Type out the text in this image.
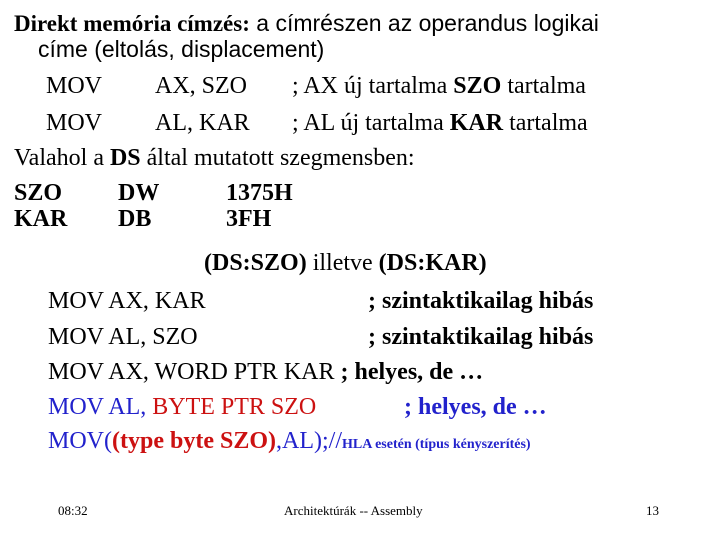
Direkt memória címzés: a címrészen az operandus logikai
címe (eltolás, displacement)
MOV AX, SZO ; AX új tartalma SZO tartalma
MOV AL, KAR ; AL új tartalma KAR tartalma
Valahol a DS által mutatott szegmensben:
SZO DW	1375H
KAR DB	3FH
(DS:SZO) illetve (DS:KAR)
MOV AX, KAR	; szintaktikailag hibás
MOV AL, SZO	; szintaktikailag hibás
MOV AX, WORD PTR KAR ; helyes, de …
MOV AL, BYTE PTR SZO	; helyes, de …
MOV((type byte SZO),AL);//HLA esetén (típus kényszerítés)
08:32	Architektúrák -- Assembly	13
